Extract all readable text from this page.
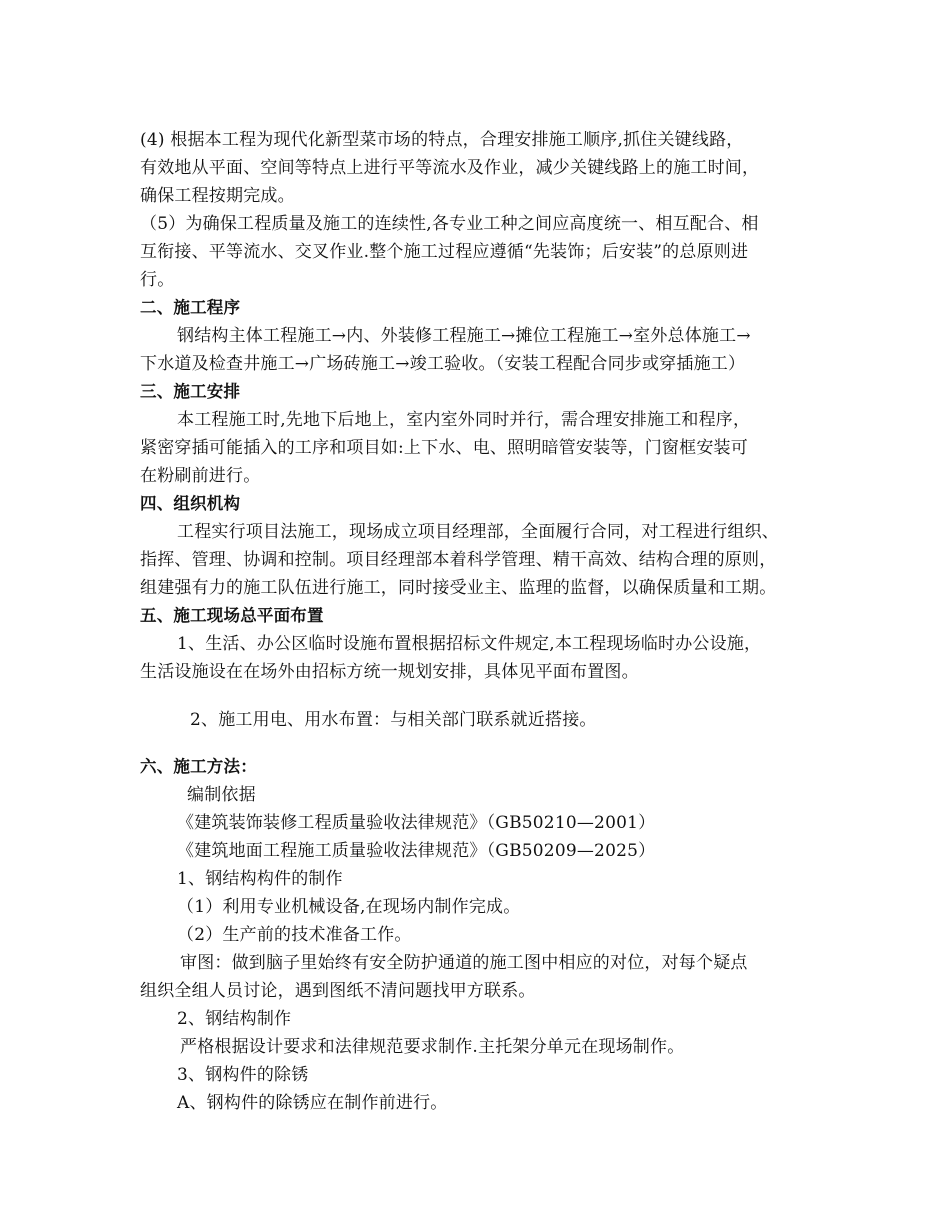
(4) 根据本工程为现代化新型菜市场的特点，合理安排施工顺序,抓住关键线路，
有效地从平面、空间等特点上进行平等流水及作业，减少关键线路上的施工时间，
确保工程按期完成。
（5）为确保工程质量及施工的连续性,各专业工种之间应高度统一、相互配合、相
互衔接、平等流水、交叉作业.整个施工过程应遵循“先装饰；后安装”的总原则进
行。
二、施工程序
钢结构主体工程施工→内、外装修工程施工→摊位工程施工→室外总体施工→
下水道及检查井施工→广场砖施工→竣工验收。（安装工程配合同步或穿插施工）
三、施工安排
本工程施工时,先地下后地上，室内室外同时并行，需合理安排施工和程序，
紧密穿插可能插入的工序和项目如:上下水、电、照明暗管安装等，门窗框安装可
在粉刷前进行。
四、组织机构
工程实行项目法施工，现场成立项目经理部，全面履行合同，对工程进行组织、
指挥、管理、协调和控制。项目经理部本着科学管理、精干高效、结构合理的原则，
组建强有力的施工队伍进行施工，同时接受业主、监理的监督，以确保质量和工期。
五、施工现场总平面布置
1、生活、办公区临时设施布置根据招标文件规定,本工程现场临时办公设施，
生活设施设在在场外由招标方统一规划安排，具体见平面布置图。
2、施工用电、用水布置：与相关部门联系就近搭接。
六、施工方法：
编制依据
《建筑装饰装修工程质量验收法律规范》（GB50210—2001）
《建筑地面工程施工质量验收法律规范》（GB50209—2025）
1、钢结构构件的制作
（1）利用专业机械设备,在现场内制作完成。
（2）生产前的技术准备工作。
审图：做到脑子里始终有安全防护通道的施工图中相应的对位，对每个疑点
组织全组人员讨论，遇到图纸不清问题找甲方联系。
2、钢结构制作
严格根据设计要求和法律规范要求制作.主托架分单元在现场制作。
3、钢构件的除锈
A、钢构件的除锈应在制作前进行。
